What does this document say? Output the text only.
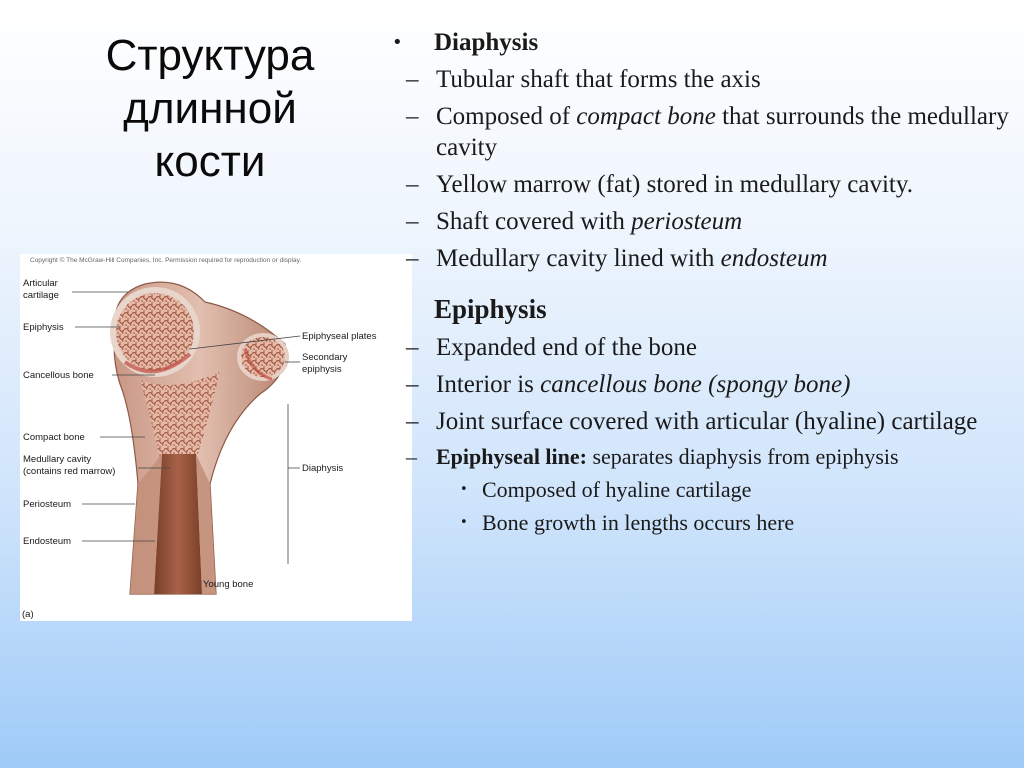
Структура
длинной
кости
Copyright © The McGraw-Hill Companies, Inc. Permission required for reproduction or display.
Articular
cartilage
Epiphysis
Cancellous bone
Compact bone
Medullary cavity
(contains red marrow)
Periosteum
Endosteum
Epiphyseal plates
Secondary
epiphysis
Diaphysis
Young bone
(a)
• Diaphysis
– Tubular shaft that forms the axis
– Composed of compact bone that surrounds the medullary cavity
– Yellow marrow (fat) stored in medullary cavity.
– Shaft covered with periosteum
– Medullary cavity lined with endosteum
Epiphysis
– Expanded end of the bone
– Interior is cancellous bone (spongy bone)
– Joint surface covered with articular (hyaline) cartilage
– Epiphyseal line: separates diaphysis from epiphysis
• Composed of hyaline cartilage
• Bone growth in lengths occurs here
